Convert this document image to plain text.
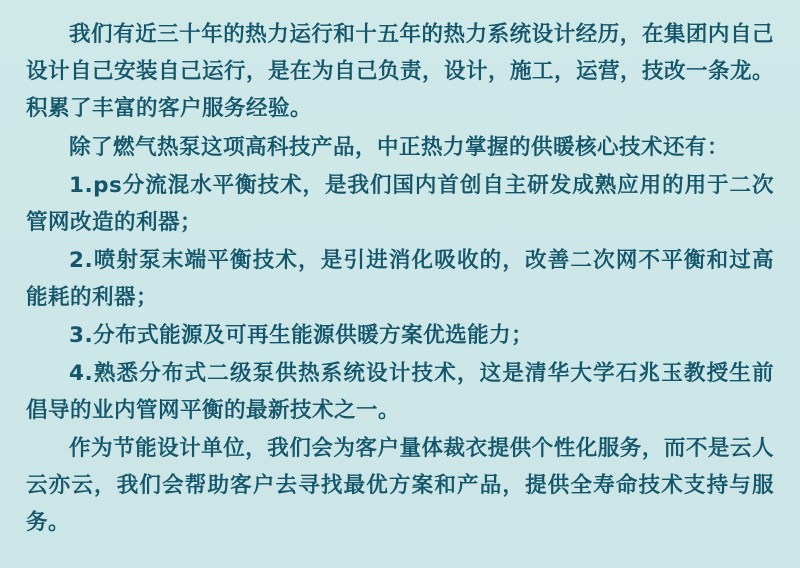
我们有近三十年的热力运行和十五年的热力系统设计经历，在集团内自己设计自己安装自己运行，是在为自己负责，设计，施工，运营，技改一条龙。积累了丰富的客户服务经验。

除了燃气热泵这项高科技产品，中正热力掌握的供暖核心技术还有：

1.ps分流混水平衡技术，是我们国内首创自主研发成熟应用的用于二次管网改造的利器；

2.喷射泵末端平衡技术，是引进消化吸收的，改善二次网不平衡和过高能耗的利器；

3.分布式能源及可再生能源供暖方案优选能力；

4.熟悉分布式二级泵供热系统设计技术，这是清华大学石兆玉教授生前倡导的业内管网平衡的最新技术之一。

作为节能设计单位，我们会为客户量体裁衣提供个性化服务，而不是云人云亦云，我们会帮助客户去寻找最优方案和产品，提供全寿命技术支持与服务。
